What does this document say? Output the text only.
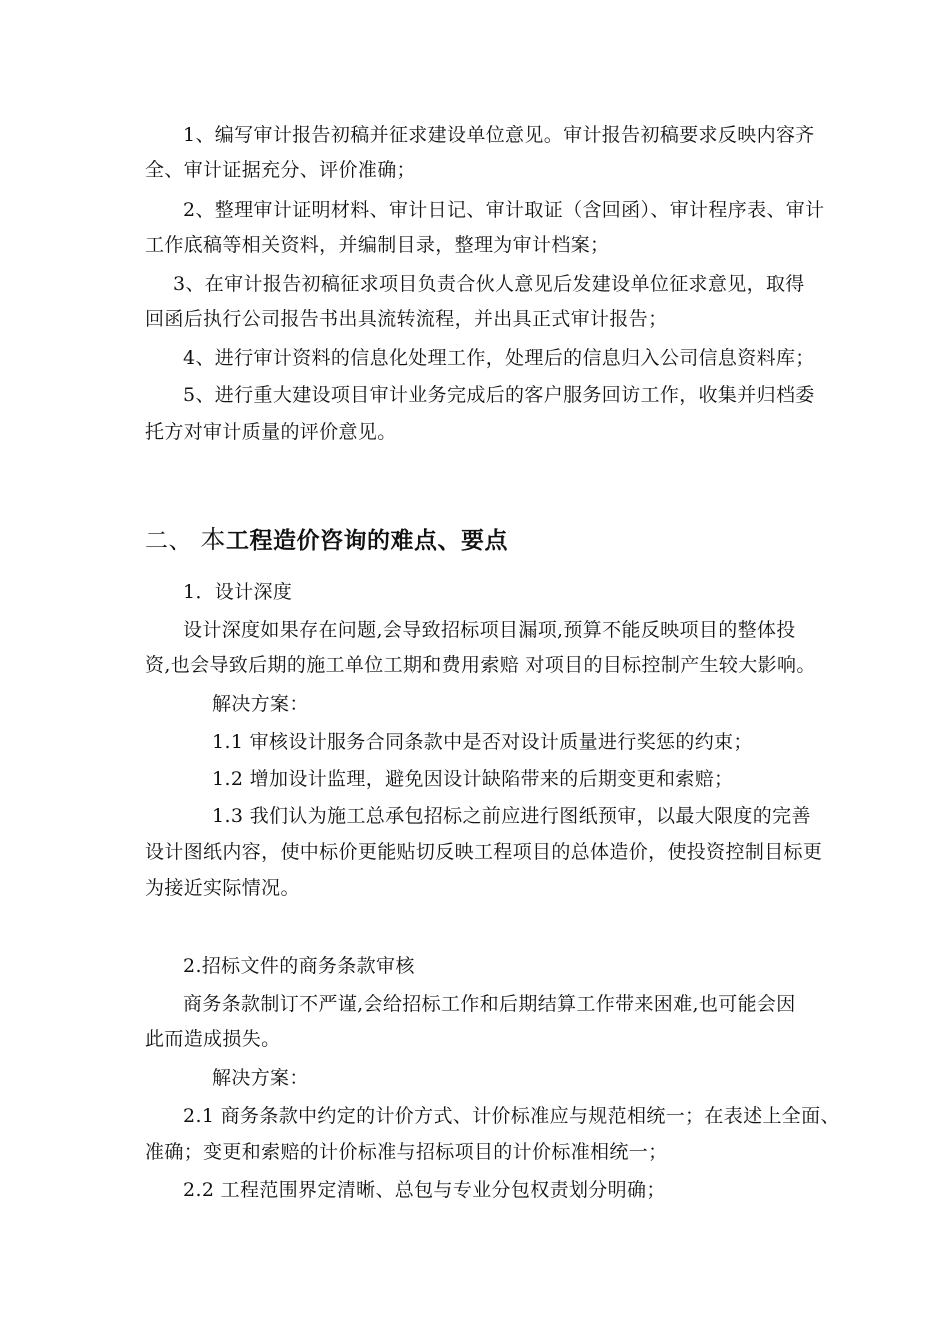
1、编写审计报告初稿并征求建设单位意见。审计报告初稿要求反映内容齐
全、审计证据充分、评价准确；
2、整理审计证明材料、审计日记、审计取证（含回函）、审计程序表、审计
工作底稿等相关资料，并编制目录，整理为审计档案；
3、在审计报告初稿征求项目负责合伙人意见后发建设单位征求意见，取得
回函后执行公司报告书出具流转流程，并出具正式审计报告；
4、进行审计资料的信息化处理工作，处理后的信息归入公司信息资料库；
5、进行重大建设项目审计业务完成后的客户服务回访工作，收集并归档委
托方对审计质量的评价意见。
二、 本工程造价咨询的难点、要点
1．设计深度
设计深度如果存在问题,会导致招标项目漏项,预算不能反映项目的整体投
资,也会导致后期的施工单位工期和费用索赔 对项目的目标控制产生较大影响。
解决方案：
1.1 审核设计服务合同条款中是否对设计质量进行奖惩的约束；
1.2 增加设计监理，避免因设计缺陷带来的后期变更和索赔；
1.3 我们认为施工总承包招标之前应进行图纸预审，以最大限度的完善
设计图纸内容，使中标价更能贴切反映工程项目的总体造价，使投资控制目标更
为接近实际情况。
2.招标文件的商务条款审核
商务条款制订不严谨,会给招标工作和后期结算工作带来困难,也可能会因
此而造成损失。
解决方案：
2.1 商务条款中约定的计价方式、计价标准应与规范相统一；在表述上全面、
准确；变更和索赔的计价标准与招标项目的计价标准相统一；
2.2 工程范围界定清晰、总包与专业分包权责划分明确；
